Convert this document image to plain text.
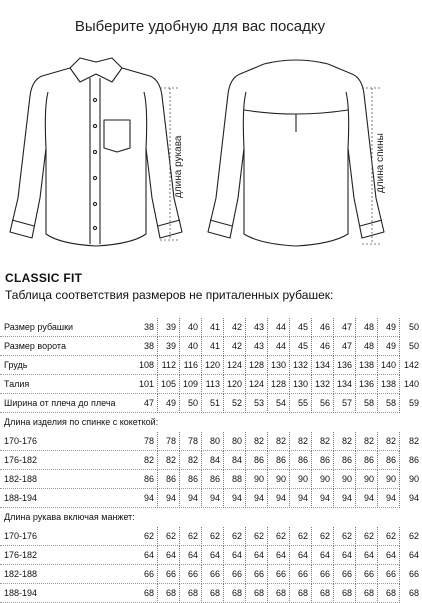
Выберите удобную для вас посадку
длина рукава	длина спины
CLASSIC FIT
Таблица соответствия размеров не приталенных рубашек:
Размер рубашки	38	39	40	41	42	43	44	45	46	47	48	49	50
Размер ворота	38	39	40	41	42	43	44	45	46	47	48	49	50
Грудь	108 112 116 120 124 128 130 132 134 136 138 140 142
Талия	101 105 109 113 120 124 128 130 132 134 136 138 140
Ширина от плеча до плеча	47	49	50	51	52	53	54	55	56	57	58	58	59
Длина изделия по спинке с кокеткой:
170-176	78	78	78	80	80	82	82	82	82	82	82	82	82
176-182	82	82	82	84	84	86	86	86	86	86	86	86	86
182-188	86	86	86	86	88	90	90	90	90	90	90	90	90
188-194	94	94	94	94	94	94	94	94	94	94	94	94	94
Длина рукава включая манжет:
170-176	62	62	62	62	62	62	62	62	62	62	62	62	62
176-182	64	64	64	64	64	64	64	64	64	64	64	64	64
182-188	66	66	66	66	66	66	66	66	66	66	66	66	66
188-194	68	68	68	68	68	68	68	68	68	68	68	68	68
